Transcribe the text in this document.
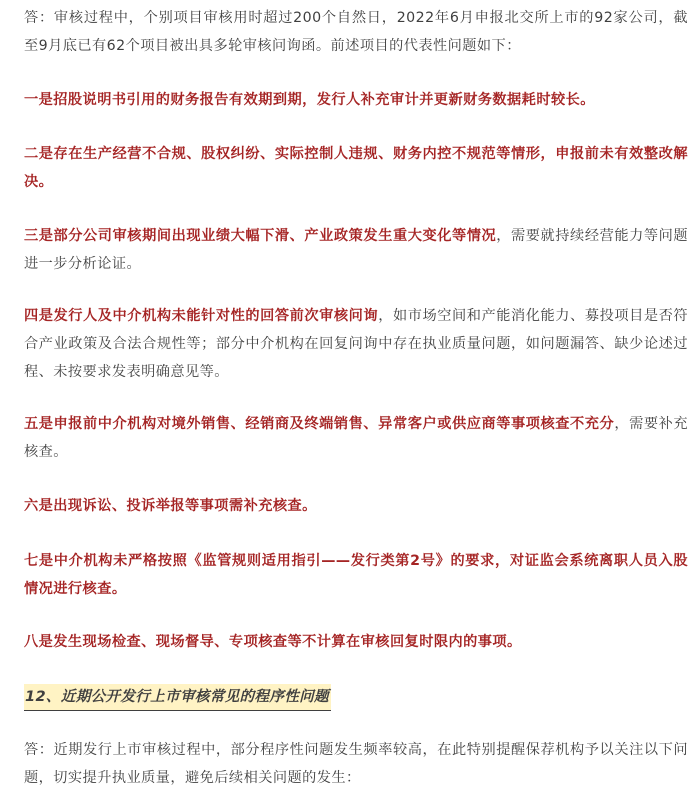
答：审核过程中，个别项目审核用时超过200个自然日，2022年6月申报北交所上市的92家公司，截至9月底已有62个项目被出具多轮审核问询函。前述项目的代表性问题如下：

一是招股说明书引用的财务报告有效期到期，发行人补充审计并更新财务数据耗时较长。

二是存在生产经营不合规、股权纠纷、实际控制人违规、财务内控不规范等情形，申报前未有效整改解决。

三是部分公司审核期间出现业绩大幅下滑、产业政策发生重大变化等情况，需要就持续经营能力等问题进一步分析论证。

四是发行人及中介机构未能针对性的回答前次审核问询，如市场空间和产能消化能力、募投项目是否符合产业政策及合法合规性等；部分中介机构在回复问询中存在执业质量问题，如问题漏答、缺少论述过程、未按要求发表明确意见等。

五是申报前中介机构对境外销售、经销商及终端销售、异常客户或供应商等事项核查不充分，需要补充核查。

六是出现诉讼、投诉举报等事项需补充核查。

七是中介机构未严格按照《监管规则适用指引——发行类第2号》的要求，对证监会系统离职人员入股情况进行核查。

八是发生现场检查、现场督导、专项核查等不计算在审核回复时限内的事项。

12、近期公开发行上市审核常见的程序性问题

答：近期发行上市审核过程中，部分程序性问题发生频率较高，在此特别提醒保荐机构予以关注以下问题，切实提升执业质量，避免后续相关问题的发生：
